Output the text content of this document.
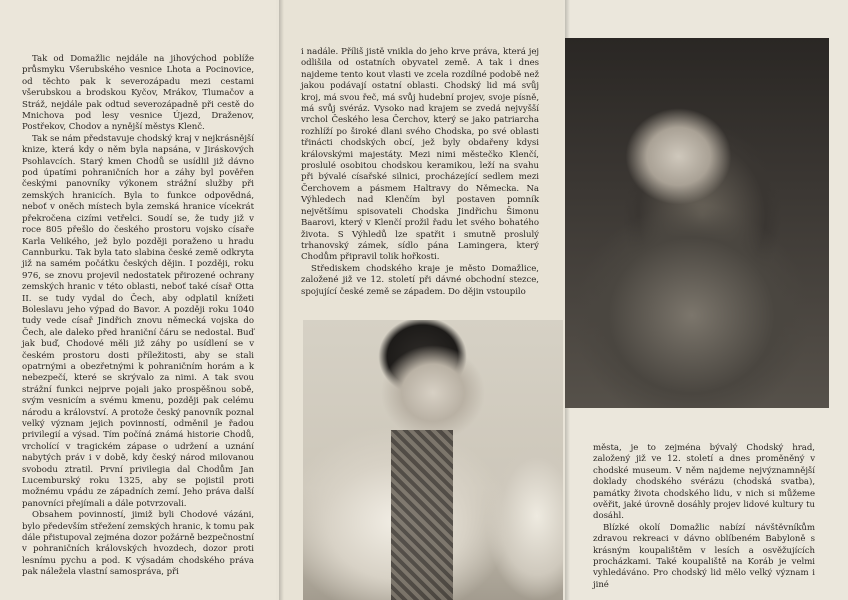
Tak od Domažlic nejdále na jihovýchod poblíže průsmyku Všerubského vesnice Lhota a Pocinovice, od těchto pak k severozápadu mezi cestami všerubskou a brodskou Kyčov, Mrákov, Tlumačov a Stráž, nejdále pak odtud severozápadně při cestě do Mnichova pod lesy vesnice Újezd, Draženov, Postřekov, Chodov a nynější městys Klenč.

Tak se nám představuje chodský kraj v nejkrásnější knize, která kdy o něm byla napsána, v Jiráskových Psohlavcích. Starý kmen Chodů se usídlil již dávno pod úpatími pohraničních hor a záhy byl pověřen českými panovníky výkonem strážní služby při zemských hranicích. Byla to funkce odpovědná, neboť v oněch místech byla zemská hranice vícekrát překročena cizími vetřelci. Soudí se, že tudy již v roce 805 přešlo do českého prostoru vojsko císaře Karla Velikého, jež bylo později poraženo u hradu Cannburku. Tak byla tato slabina české země odkryta již na samém počátku českých dějin. I později, roku 976, se znovu projevil nedostatek přirozené ochrany zemských hranic v této oblasti, neboť také císař Otta II. se tudy vydal do Čech, aby odplatil knížeti Boleslavu jeho výpad do Bavor. A později roku 1040 tudy vede císař Jindřich znovu německá vojska do Čech, ale daleko před hraniční čáru se nedostal. Buď jak buď, Chodové měli již záhy po usídlení se v českém prostoru dosti příležitosti, aby se stali opatrnými a obezřetnými k pohraničním horám a k nebezpečí, které se skrývalo za nimi. A tak svou strážní funkci nejprve pojali jako prospěšnou sobě, svým vesnicím a svému kmenu, později pak celému národu a království. A protože český panovník poznal velký význam jejich povinností, odměnil je řadou privilegií a výsad. Tím počíná známá historie Chodů, vrcholící v tragickém zápase o udržení a uznání nabytých práv i v době, kdy český národ milovanou svobodu ztratil. První privilegia dal Chodům Jan Lucemburský roku 1325, aby se pojistil proti možnému vpádu ze západních zemí. Jeho práva další panovníci přejímali a dále potvrzovali.

Obsahem povinností, jimiž byli Chodové vázáni, bylo především střežení zemských hranic, k tomu pak dále přistupoval zejména dozor požárně bezpečnostní v pohraničních královských hvozdech, dozor proti lesnímu pychu a pod. K výsadám chodského práva pak náležela vlastní samospráva, při

i nadále. Příliš jistě vnikla do jeho krve práva, která jej odlišila od ostatních obyvatel země. A tak i dnes najdeme tento kout vlasti ve zcela rozdílné podobě než jakou podávají ostatní oblasti. Chodský lid má svůj kroj, má svou řeč, má svůj hudební projev, svoje písně, má svůj svéráz. Vysoko nad krajem se zvedá nejvyšší vrchol Českého lesa Čerchov, který se jako patriarcha rozhlíží po široké dlani svého Chodska, po své oblasti třinácti chodských obcí, jež byly obdařeny kdysi královskými majestáty. Mezi nimi městečko Klenčí, proslulé osobitou chodskou keramikou, leží na svahu při bývalé císařské silnici, procházející sedlem mezi Čerchovem a pásmem Haltravy do Německa. Na Výhledech nad Klenčím byl postaven pomník největšímu spisovateli Chodska Jindřichu Šimonu Baarovi, který v Klenčí prožil řadu let svého bohatého života. S Výhledů lze spatřit i smutně proslulý trhanovský zámek, sídlo pána Lamingera, který Chodům připravil tolik hořkosti.

Střediskem chodského kraje je město Domažlice, založené již ve 12. století při dávné obchodní stezce, spojující české země se západem. Do dějin vstoupilo

města, je to zejména bývalý Chodský hrad, založený již ve 12. století a dnes proměněný v chodské museum. V něm najdeme nejvýznamnější doklady chodského svérázu (chodská svatba), památky života chodského lidu, v nich si můžeme ověřit, jaké úrovně dosáhly projev lidové kultury tu dosáhl.

Blízké okolí Domažlic nabízí návštěvníkům zdravou rekreaci v dávno oblíbeném Babyloně s krásným koupalištěm v lesích a osvěžujících procházkami. Také koupaliště na Koráb je velmi vyhledáváno. Pro chodský lid mělo velký význam i jiné
